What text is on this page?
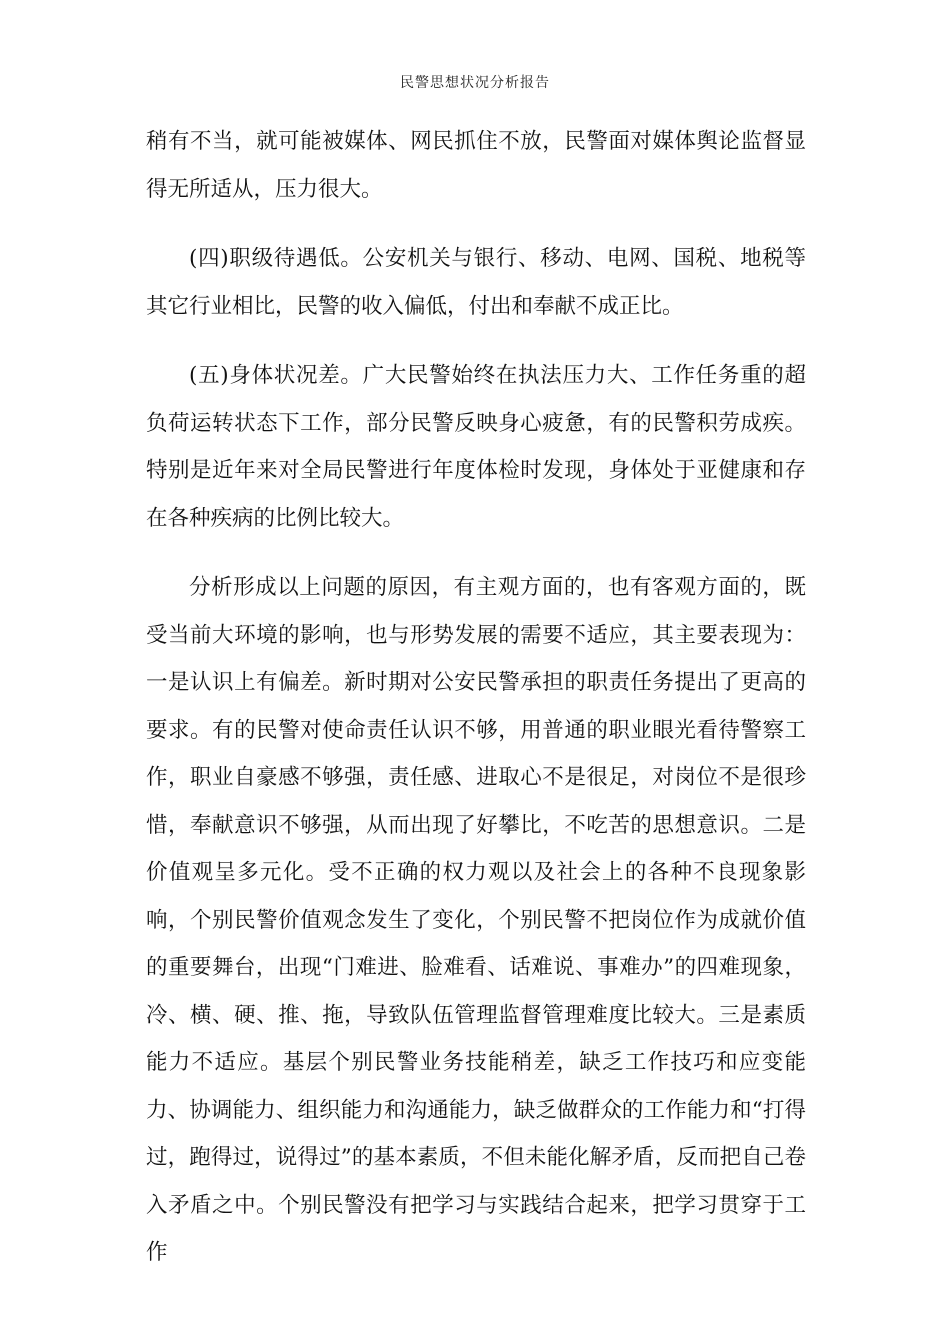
民警思想状况分析报告

稍有不当，就可能被媒体、网民抓住不放，民警面对媒体舆论监督显得无所适从，压力很大。

(四)职级待遇低。公安机关与银行、移动、电网、国税、地税等其它行业相比，民警的收入偏低，付出和奉献不成正比。

(五)身体状况差。广大民警始终在执法压力大、工作任务重的超负荷运转状态下工作，部分民警反映身心疲惫，有的民警积劳成疾。特别是近年来对全局民警进行年度体检时发现，身体处于亚健康和存在各种疾病的比例比较大。

分析形成以上问题的原因，有主观方面的，也有客观方面的，既受当前大环境的影响，也与形势发展的需要不适应，其主要表现为：一是认识上有偏差。新时期对公安民警承担的职责任务提出了更高的要求。有的民警对使命责任认识不够，用普通的职业眼光看待警察工作，职业自豪感不够强，责任感、进取心不是很足，对岗位不是很珍惜，奉献意识不够强，从而出现了好攀比，不吃苦的思想意识。二是价值观呈多元化。受不正确的权力观以及社会上的各种不良现象影响，个别民警价值观念发生了变化，个别民警不把岗位作为成就价值的重要舞台，出现“门难进、脸难看、话难说、事难办”的四难现象，冷、横、硬、推、拖，导致队伍管理监督管理难度比较大。三是素质能力不适应。基层个别民警业务技能稍差，缺乏工作技巧和应变能力、协调能力、组织能力和沟通能力，缺乏做群众的工作能力和“打得过，跑得过，说得过”的基本素质，不但未能化解矛盾，反而把自己卷入矛盾之中。个别民警没有把学习与实践结合起来，把学习贯穿于工作
